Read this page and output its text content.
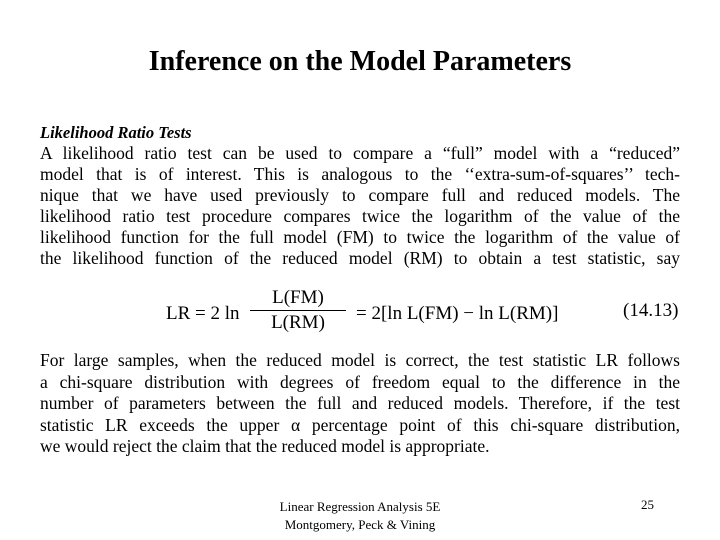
Inference on the Model Parameters
Likelihood Ratio Tests
A likelihood ratio test can be used to compare a “full” model with a “reduced”
model that is of interest. This is analogous to the ‘‘extra-sum-of-squares’’ tech-
nique that we have used previously to compare full and reduced models. The
likelihood ratio test procedure compares twice the logarithm of the value of the
likelihood function for the full model (FM) to twice the logarithm of the value of
the likelihood function of the reduced model (RM) to obtain a test statistic, say
LR = 2 ln
L(FM)
L(RM)	= 2[ln L(FM) − ln L(RM)]	(14.13)
For large samples, when the reduced model is correct, the test statistic LR follows
a chi-square distribution with degrees of freedom equal to the difference in the
number of parameters between the full and reduced models. Therefore, if the test
statistic LR exceeds the upper α percentage point of this chi-square distribution,
we would reject the claim that the reduced model is appropriate.
Linear Regression Analysis 5E
Montgomery, Peck & Vining
25
